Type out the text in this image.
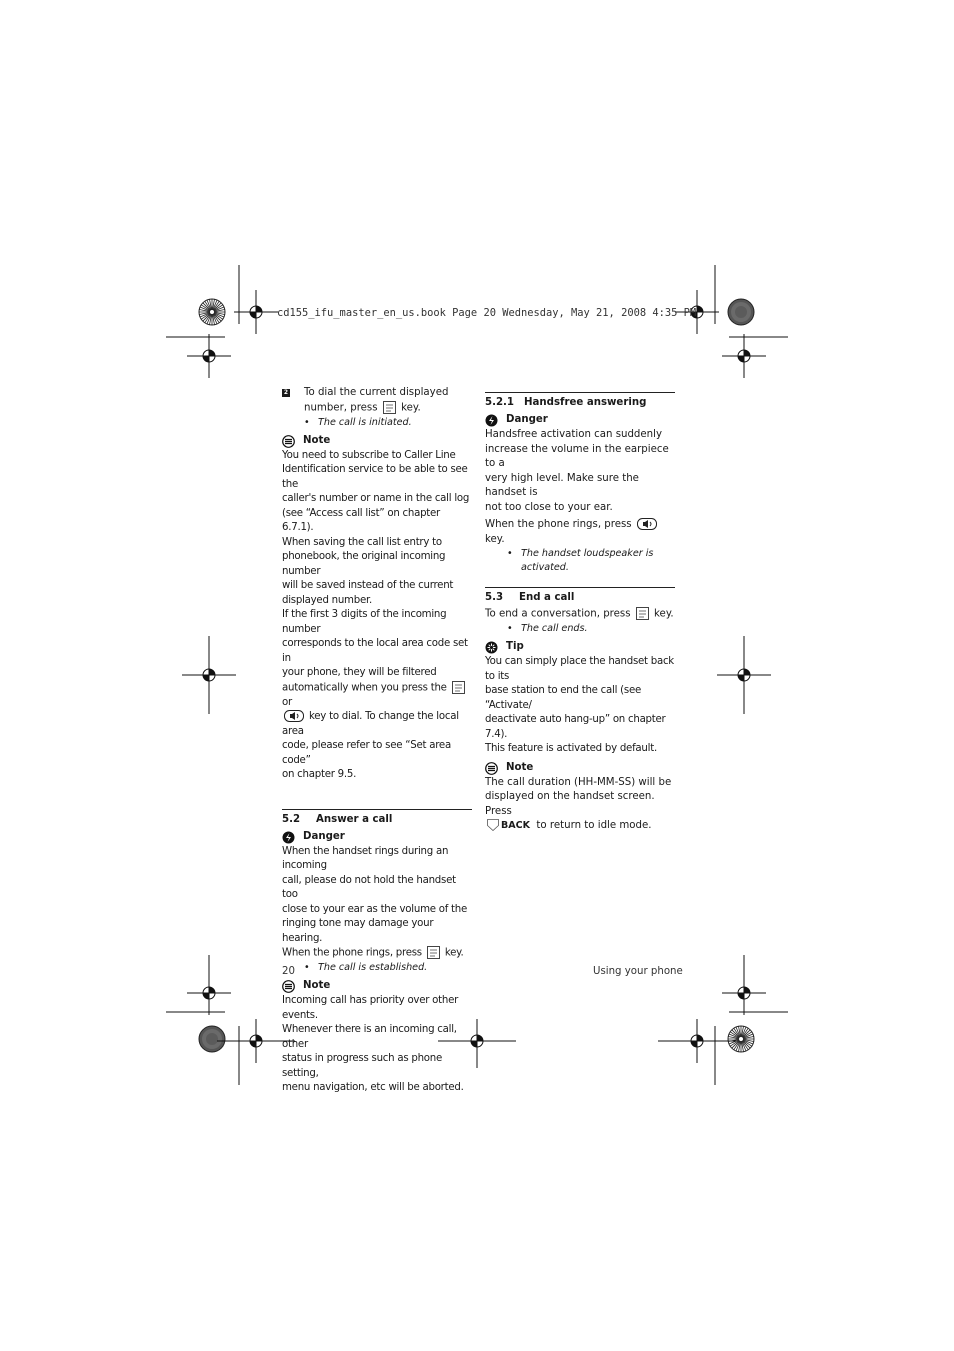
cd155_ifu_master_en_us.book Page 20 Wednesday, May 21, 2008 4:35 PM
2 To dial the current displayed

number, press key.

• The call is initiated.

Note

You need to subscribe to Caller Line

Identification service to be able to see the

caller's number or name in the call log

(see “Access call list” on chapter 6.7.1).

When saving the call list entry to

phonebook, the original incoming number

will be saved instead of the current

displayed number.

If the first 3 digits of the incoming number

corresponds to the local area code set in

your phone, they will be filtered

automatically when you press the  or

key to dial. To change the local area

code, please refer to see “Set area code”

on chapter 9.5.

5.2 Answer a call
Danger

When the handset rings during an incoming

call, please do not hold the handset too

close to your ear as the volume of the

ringing tone may damage your hearing.

When the phone rings, press key.

• The call is established.

Note

Incoming call has priority over other events.

Whenever there is an incoming call, other

status in progress such as phone setting,

menu navigation, etc will be aborted.

5.2.1 Handsfree answering
Danger

Handsfree activation can suddenly

increase the volume in the earpiece to a

very high level. Make sure the handset is

not too close to your ear.

When the phone rings, press  key.

• The handset loudspeaker is

activated.

5.3 End a call

To end a conversation, press key.

• The call ends.

Tip

You can simply place the handset back to its

base station to end the call (see “Activate/

deactivate auto hang-up” on chapter 7.4).

This feature is activated by default.

Note

The call duration (HH-MM-SS) will be

displayed on the handset screen. Press

BACK to return to idle mode.

20	Using your phone
